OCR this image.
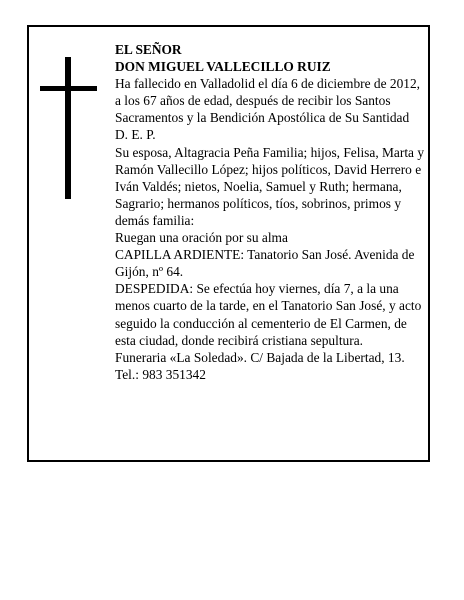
EL SEÑOR

DON MIGUEL VALLECILLO RUIZ

Ha fallecido en Valladolid el día 6 de diciembre de 2012, a los 67 años de edad, después de recibir los Santos Sacramentos y la Bendición Apostólica de Su Santidad

D. E. P.

Su esposa, Altagracia Peña Familia; hijos, Felisa, Marta y Ramón Vallecillo López; hijos políticos, David Herrero e Iván Valdés; nietos, Noelia, Samuel y Ruth; hermana, Sagrario; hermanos políticos, tíos, sobrinos, primos y demás familia:

Ruegan una oración por su alma

CAPILLA ARDIENTE: Tanatorio San José. Avenida de Gijón, nº 64.

DESPEDIDA: Se efectúa hoy viernes, día 7, a la una menos cuarto de la tarde, en el Tanatorio San José, y acto seguido la conducción al cementerio de El Carmen, de esta ciudad, donde recibirá cristiana sepultura.

Funeraria «La Soledad». C/ Bajada de la Libertad, 13. Tel.: 983 351342
